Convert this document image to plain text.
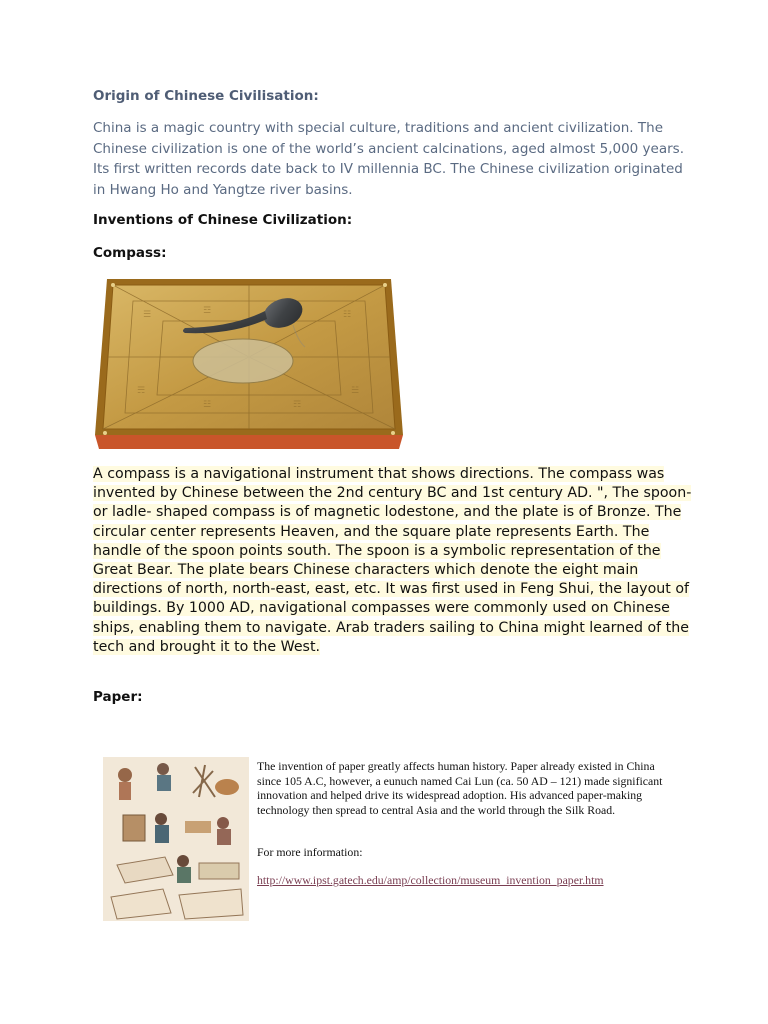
Origin of Chinese Civilisation:
China is a magic country with special culture, traditions and ancient civilization. The Chinese civilization is one of the world’s ancient calcinations, aged almost 5,000 years. Its first written records date back to IV millennia BC. The Chinese civilization originated in Hwang Ho and Yangtze river basins.
Inventions of Chinese Civilization:
Compass:
☰	☲	☷
☴
☳	☶
☱
A compass is a navigational instrument that shows directions. The compass was invented by Chinese between the 2nd century BC and 1st century AD. ", The spoon- or ladle- shaped compass is of magnetic lodestone, and the plate is of Bronze. The circular center represents Heaven, and the square plate represents Earth. The handle of the spoon points south. The spoon is a symbolic representation of the Great Bear. The plate bears Chinese characters which denote the eight main directions of north, north-east, east, etc. It was first used in Feng Shui, the layout of buildings. By 1000 AD, navigational compasses were commonly used on Chinese ships, enabling them to navigate. Arab traders sailing to China might learned of the tech and brought it to the West.
Paper:
The invention of paper greatly affects human history. Paper already existed in China since 105 A.C, however, a eunuch named Cai Lun (ca. 50 AD – 121) made significant innovation and helped drive its widespread adoption. His advanced paper-making technology then spread to central Asia and the world through the Silk Road.
For more information:
http://www.ipst.gatech.edu/amp/collection/museum_invention_paper.htm
